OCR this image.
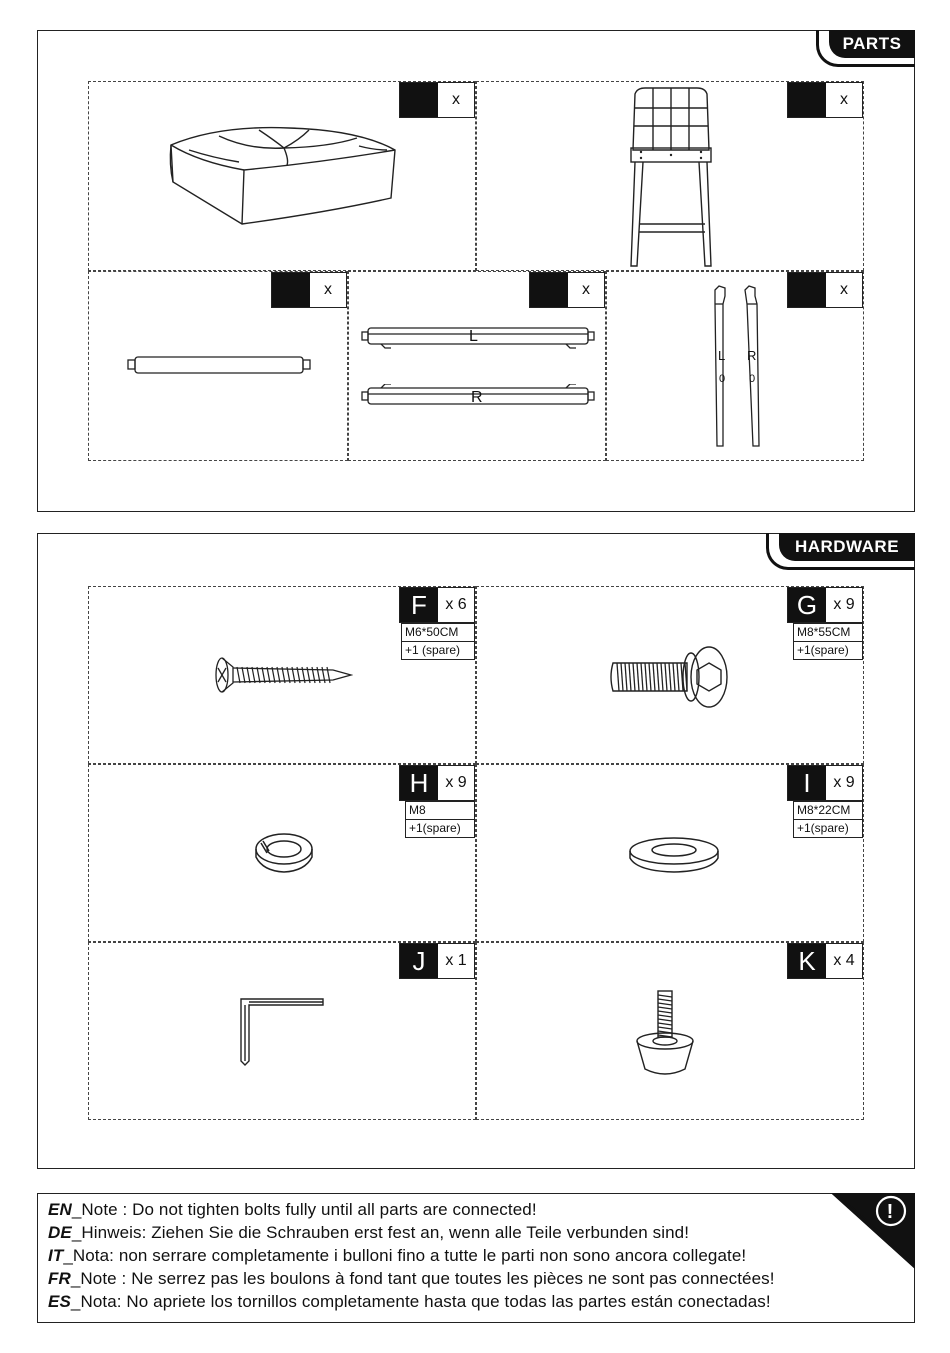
PARTS
x	x
x	x
L
R
x
L
0
R
0
HARDWARE
F	x 6
M6*50CM
+1 (spare)
G	x 9
M8*55CM
+1(spare)
H	x 9
M8
+1(spare)
I	x 9
M8*22CM
+1(spare)
J	x 1	K	x 4
EN_Note : Do not tighten bolts fully until all parts are connected!
DE_Hinweis: Ziehen Sie die Schrauben erst fest an, wenn alle Teile verbunden sind!
IT_Nota: non serrare completamente i bulloni fino a tutte le parti non sono ancora collegate!
FR_Note : Ne serrez pas les boulons à fond tant que toutes les pièces ne sont pas connectées!
ES_Nota: No apriete los tornillos completamente hasta que todas las partes están conectadas!
!
